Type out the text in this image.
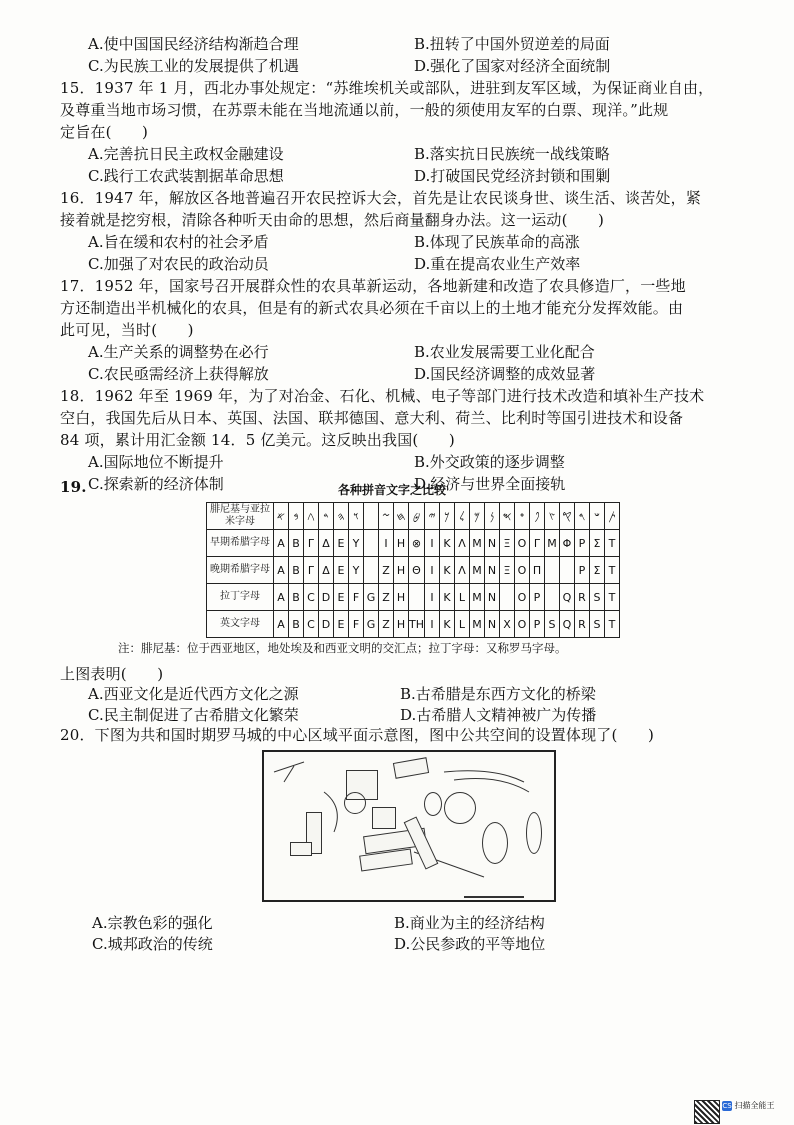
A.使中国国民经济结构渐趋合理	B.扭转了中国外贸逆差的局面
C.为民族工业的发展提供了机遇	D.强化了国家对经济全面统制
15．1937 年 1 月，西北办事处规定：“苏维埃机关或部队，进驻到友军区域，为保证商业自由，
及尊重当地市场习惯，在苏票未能在当地流通以前，一般的须使用友军的白票、现洋。”此规
定旨在(　　)
A.完善抗日民主政权金融建设	B.落实抗日民族统一战线策略
C.践行工农武装割据革命思想	D.打破国民党经济封锁和围剿
16．1947 年，解放区各地普遍召开农民控诉大会，首先是让农民谈身世、谈生活、谈苦处，紧
接着就是挖穷根，清除各种听天由命的思想，然后商量翻身办法。这一运动(　　)
A.旨在缓和农村的社会矛盾	B.体现了民族革命的高涨
C.加强了对农民的政治动员	D.重在提高农业生产效率
17．1952 年，国家号召开展群众性的农具革新运动，各地新建和改造了农具修造厂，一些地
方还制造出半机械化的农具，但是有的新式农具必须在千亩以上的土地才能充分发挥效能。由
此可见，当时(　　)
A.生产关系的调整势在必行	B.农业发展需要工业化配合
C.农民亟需经济上获得解放	D.国民经济调整的成效显著
18．1962 年至 1969 年，为了对冶金、石化、机械、电子等部门进行技术改造和填补生产技术
空白，我国先后从日本、英国、法国、联邦德国、意大利、荷兰、比利时等国引进技术和设备
84 项，累计用汇金额 14．5 亿美元。这反映出我国(　　)
A.国际地位不断提升	B.外交政策的逐步调整
C.探索新的经济体制	D.经济与世界全面接轨
19.	各种拼音文字之比较
腓尼基与亚拉米字母	𐤀	𐤁	𐤂	𐤃	𐤄	𐤅		𐤆	𐤇	𐤈	𐤉	𐤊	𐤋	𐤌	𐤍	𐤎	𐤏	𐤐	𐤑	𐤒	𐤓	𐤔	𐤕
早期希腊字母	A	B	Γ	Δ	E	Y		I	H	⊗	I	K	Λ	M	N	Ξ	O	Γ	M	Φ	P	Σ	T
晚期希腊字母	A	B	Γ	Δ	E	Y		Z	H	Θ	I	K	Λ	M	N	Ξ	O	Π			P	Σ	T
拉丁字母	A	B	C	D	E	F	G	Z	H		I	K	L	M	N		O	P		Q	R	S	T
英文字母	A	B	C	D	E	F	G	Z	H	TH	I	K	L	M	N	X	O	P	S	Q	R	S	T
注：腓尼基：位于西亚地区，地处埃及和西亚文明的交汇点；拉丁字母：又称罗马字母。
上图表明(　　)
A.西亚文化是近代西方文化之源	B.古希腊是东西方文化的桥梁
C.民主制促进了古希腊文化繁荣	D.古希腊人文精神被广为传播
20．下图为共和国时期罗马城的中心区域平面示意图，图中公共空间的设置体现了(　　)
A.宗教色彩的强化	B.商业为主的经济结构
C.城邦政治的传统	D.公民参政的平等地位
CS 扫描全能王
